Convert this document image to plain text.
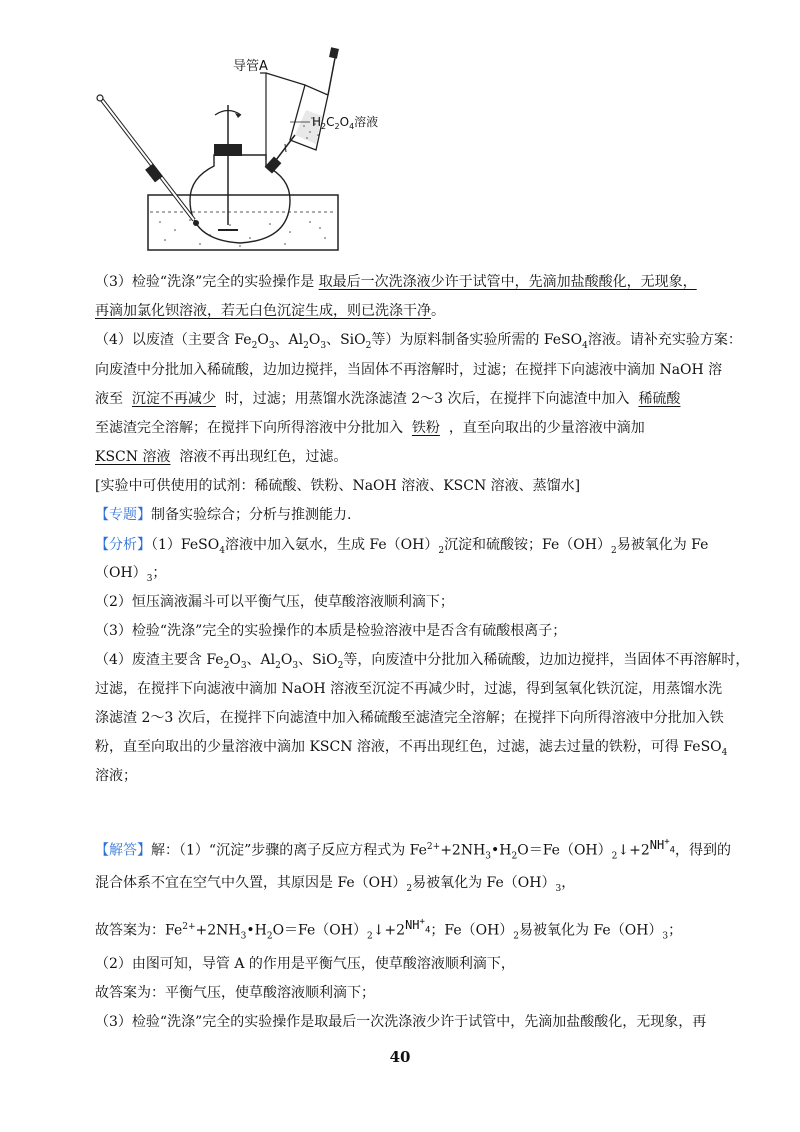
导管A
$H_2C_2O_4$溶液
（3）检验“洗涤”完全的实验操作是 取最后一次洗涤液少许于试管中，先滴加盐酸酸化，无现象，
再滴加氯化钡溶液，若无白色沉淀生成，则已洗涤干净。
（4）以废渣（主要含 $Fe_2O_3$、$Al_2O_3$、SiO$_2$等）为原料制备实验所需的 FeSO$_4$溶液。请补充实验方案：
向废渣中分批加入稀硫酸，边加边搅拌，当固体不再溶解时，过滤；在搅拌下向滤液中滴加 NaOH 溶
液至 沉淀不再减少 时，过滤；用蒸馏水洗涤滤渣 2～3 次后，在搅拌下向滤渣中加入 稀硫酸
至滤渣完全溶解；在搅拌下向所得溶液中分批加入 铁粉 ，直至向取出的少量溶液中滴加
KSCN 溶液 溶液不再出现红色，过滤。
[实验中可供使用的试剂：稀硫酸、铁粉、NaOH 溶液、KSCN 溶液、蒸馏水]
【专题】制备实验综合；分析与推测能力.
【分析】（1）FeSO$_4$溶液中加入氨水，生成 $Fe(OH)_2$沉淀和硫酸铵；$Fe(OH)_2$易被氧化为 Fe
$(OH)_3$；
（2）恒压滴液漏斗可以平衡气压，使草酸溶液顺利滴下；
（3）检验“洗涤”完全的实验操作的本质是检验溶液中是否含有硫酸根离子；
（4）废渣主要含 $Fe_2O_3$、$Al_2O_3$、SiO$_2$等，向废渣中分批加入稀硫酸，边加边搅拌，当固体不再溶解时，
过滤，在搅拌下向滤液中滴加 NaOH 溶液至沉淀不再减少时，过滤，得到氢氧化铁沉淀，用蒸馏水洗
涤滤渣 2～3 次后，在搅拌下向滤渣中加入稀硫酸至滤渣完全溶解；在搅拌下向所得溶液中分批加入铁
粉，直至向取出的少量溶液中滴加 KSCN 溶液，不再出现红色，过滤，滤去过量的铁粉，可得 FeSO$_4$
溶液；
【解答】解：（1）“沉淀”步骤的离子反应方程式为 $Fe^{2+}+2NH_3•H_2O=Fe(OH)_2↓+2NH^+_4$，得到的
混合体系不宜在空气中久置，其原因是 $Fe(OH)_2$易被氧化为 $Fe(OH)_3$，
故答案为：$Fe^{2+}+2NH_3•H_2O=Fe(OH)_2↓+2NH^+_4$；$Fe(OH)_2$易被氧化为 $Fe(OH)_3$；
（2）由图可知，导管 A 的作用是平衡气压，使草酸溶液顺利滴下，
故答案为：平衡气压，使草酸溶液顺利滴下；
（3）检验“洗涤”完全的实验操作是取最后一次洗涤液少许于试管中，先滴加盐酸酸化，无现象，再
40
